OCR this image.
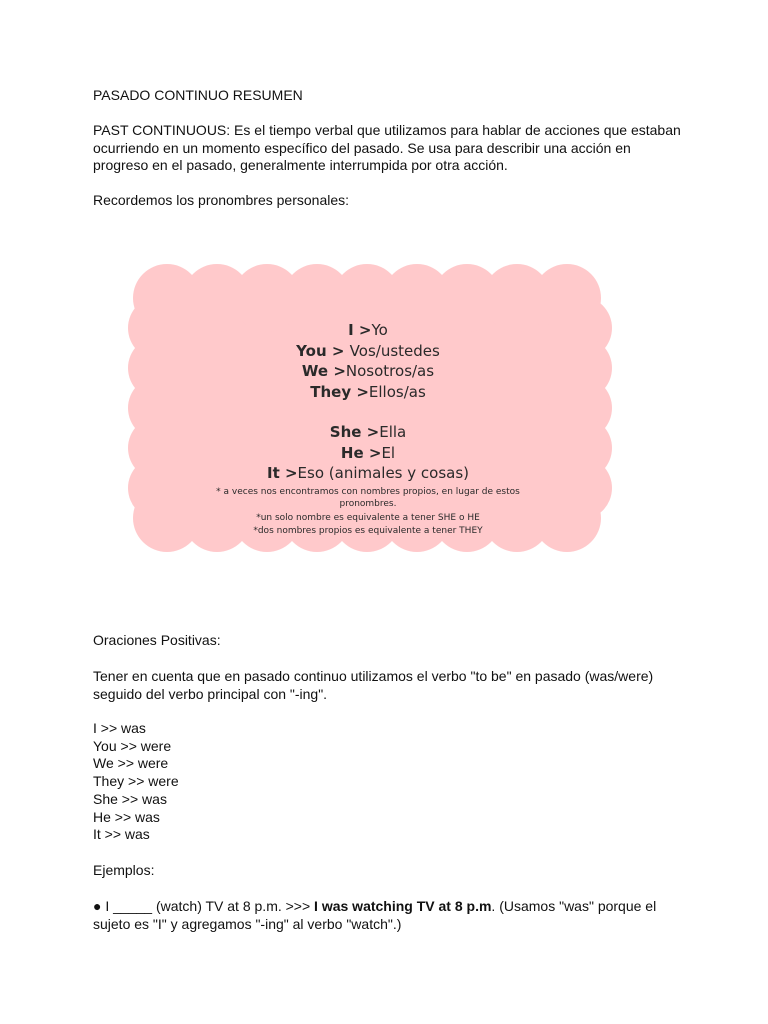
PASADO CONTINUO RESUMEN

PAST CONTINUOUS: Es el tiempo verbal que utilizamos para hablar de acciones que estaban ocurriendo en un momento específico del pasado. Se usa para describir una acción en progreso en el pasado, generalmente interrumpida por otra acción.

Recordemos los pronombres personales:

I >Yo
You > Vos/ustedes
We >Nosotros/as
They >Ellos/as
She >Ella
He >El
It >Eso (animales y cosas)
* a veces nos encontramos con nombres propios, en lugar de estos pronombres.
*un solo nombre es equivalente a tener SHE o HE
*dos nombres propios es equivalente a tener THEY

Oraciones Positivas:

Tener en cuenta que en pasado continuo utilizamos el verbo "to be" en pasado (was/were) seguido del verbo principal con "-ing".

I >> was
You >> were
We >> were
They >> were
She >> was
He >> was
It >> was

Ejemplos:

● I _____ (watch) TV at 8 p.m. >>> I was watching TV at 8 p.m. (Usamos "was" porque el sujeto es "I" y agregamos "-ing" al verbo "watch".)
